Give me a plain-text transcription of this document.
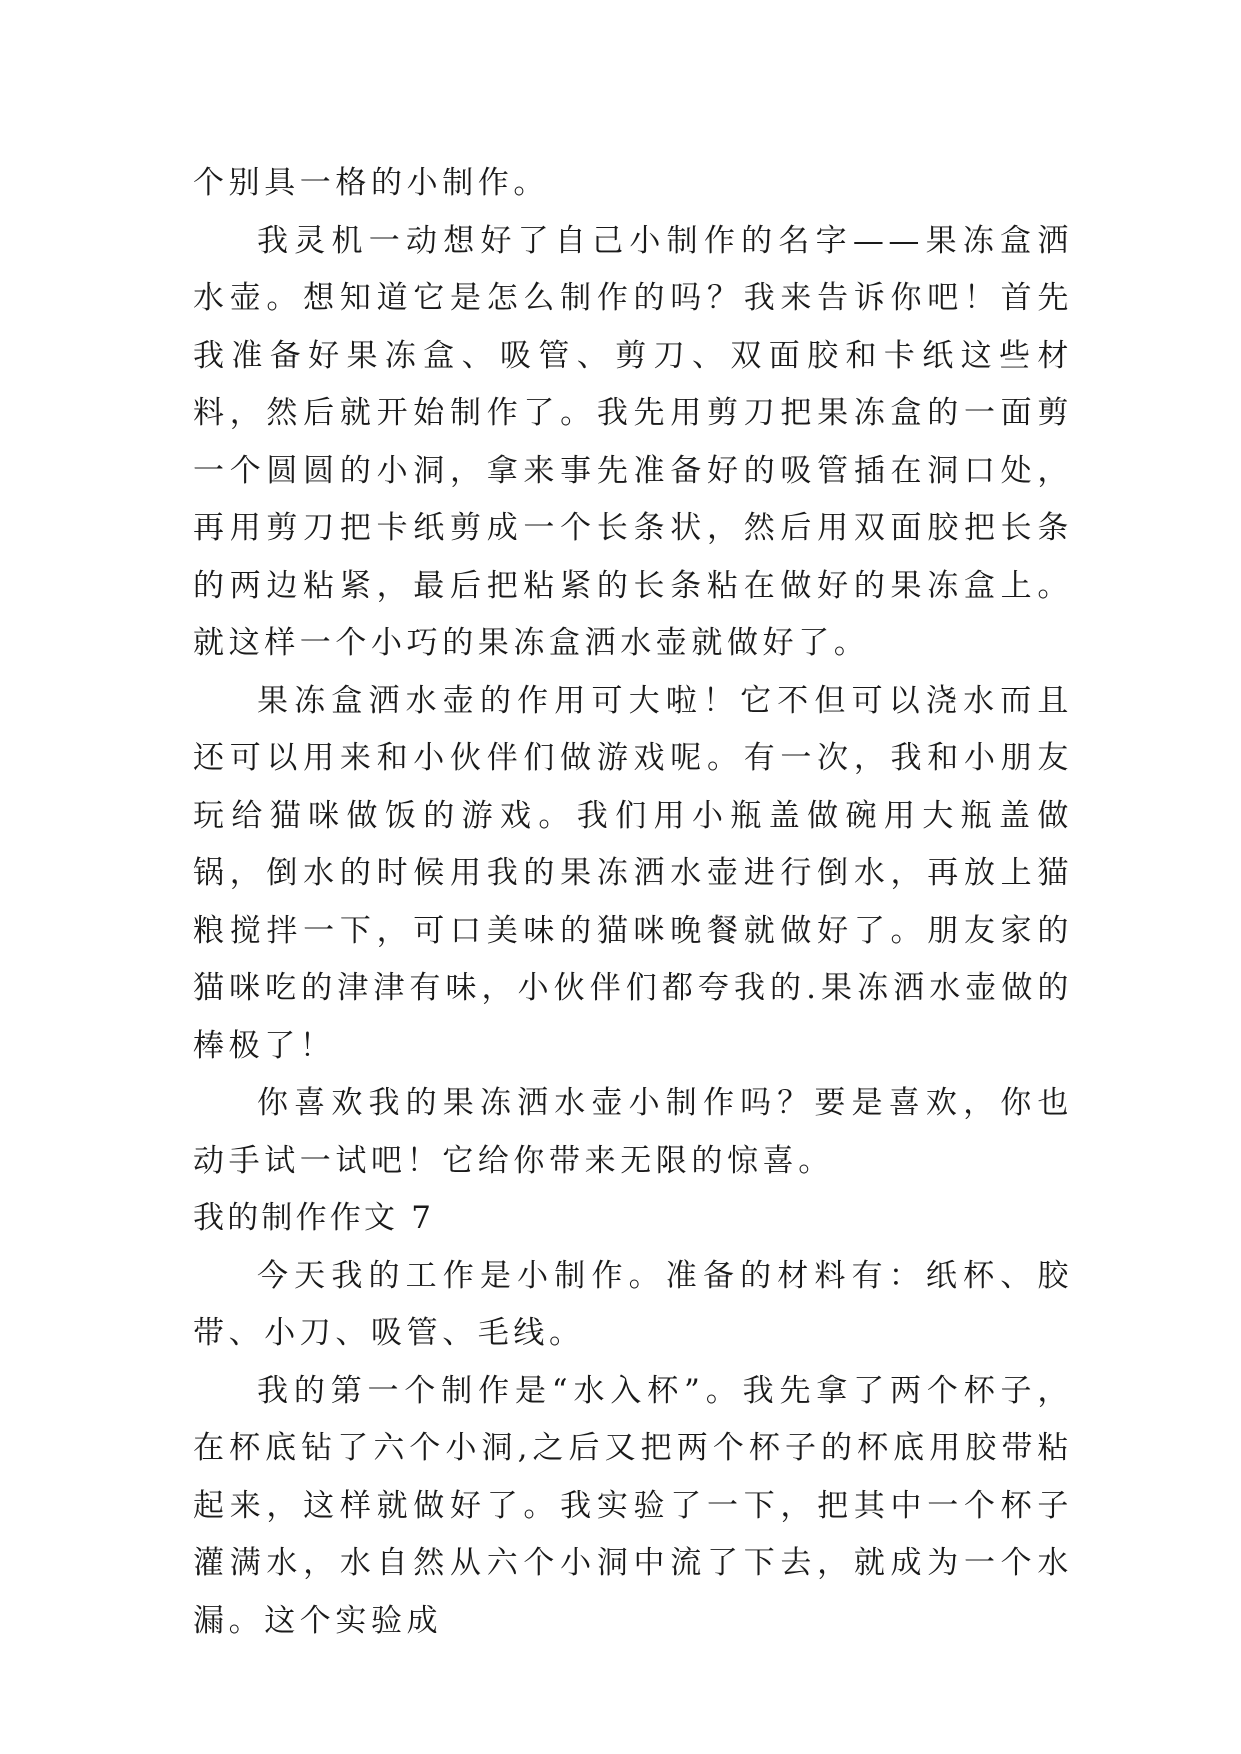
个别具一格的小制作。

我灵机一动想好了自己小制作的名字——果冻盒洒水壶。想知道它是怎么制作的吗？我来告诉你吧！首先我准备好果冻盒、吸管、剪刀、双面胶和卡纸这些材料，然后就开始制作了。我先用剪刀把果冻盒的一面剪一个圆圆的小洞，拿来事先准备好的吸管插在洞口处，再用剪刀把卡纸剪成一个长条状，然后用双面胶把长条的两边粘紧，最后把粘紧的长条粘在做好的果冻盒上。就这样一个小巧的果冻盒洒水壶就做好了。

果冻盒洒水壶的作用可大啦！它不但可以浇水而且还可以用来和小伙伴们做游戏呢。有一次，我和小朋友玩给猫咪做饭的游戏。我们用小瓶盖做碗用大瓶盖做锅，倒水的时候用我的果冻洒水壶进行倒水，再放上猫粮搅拌一下，可口美味的猫咪晚餐就做好了。朋友家的猫咪吃的津津有味，小伙伴们都夸我的.果冻洒水壶做的棒极了！

你喜欢我的果冻洒水壶小制作吗？要是喜欢，你也动手试一试吧！它给你带来无限的惊喜。

我的制作作文 7

今天我的工作是小制作。准备的材料有：纸杯、胶带、小刀、吸管、毛线。

我的第一个制作是“水入杯”。我先拿了两个杯子，在杯底钻了六个小洞,之后又把两个杯子的杯底用胶带粘起来，这样就做好了。我实验了一下，把其中一个杯子灌满水，水自然从六个小洞中流了下去，就成为一个水漏。这个实验成
